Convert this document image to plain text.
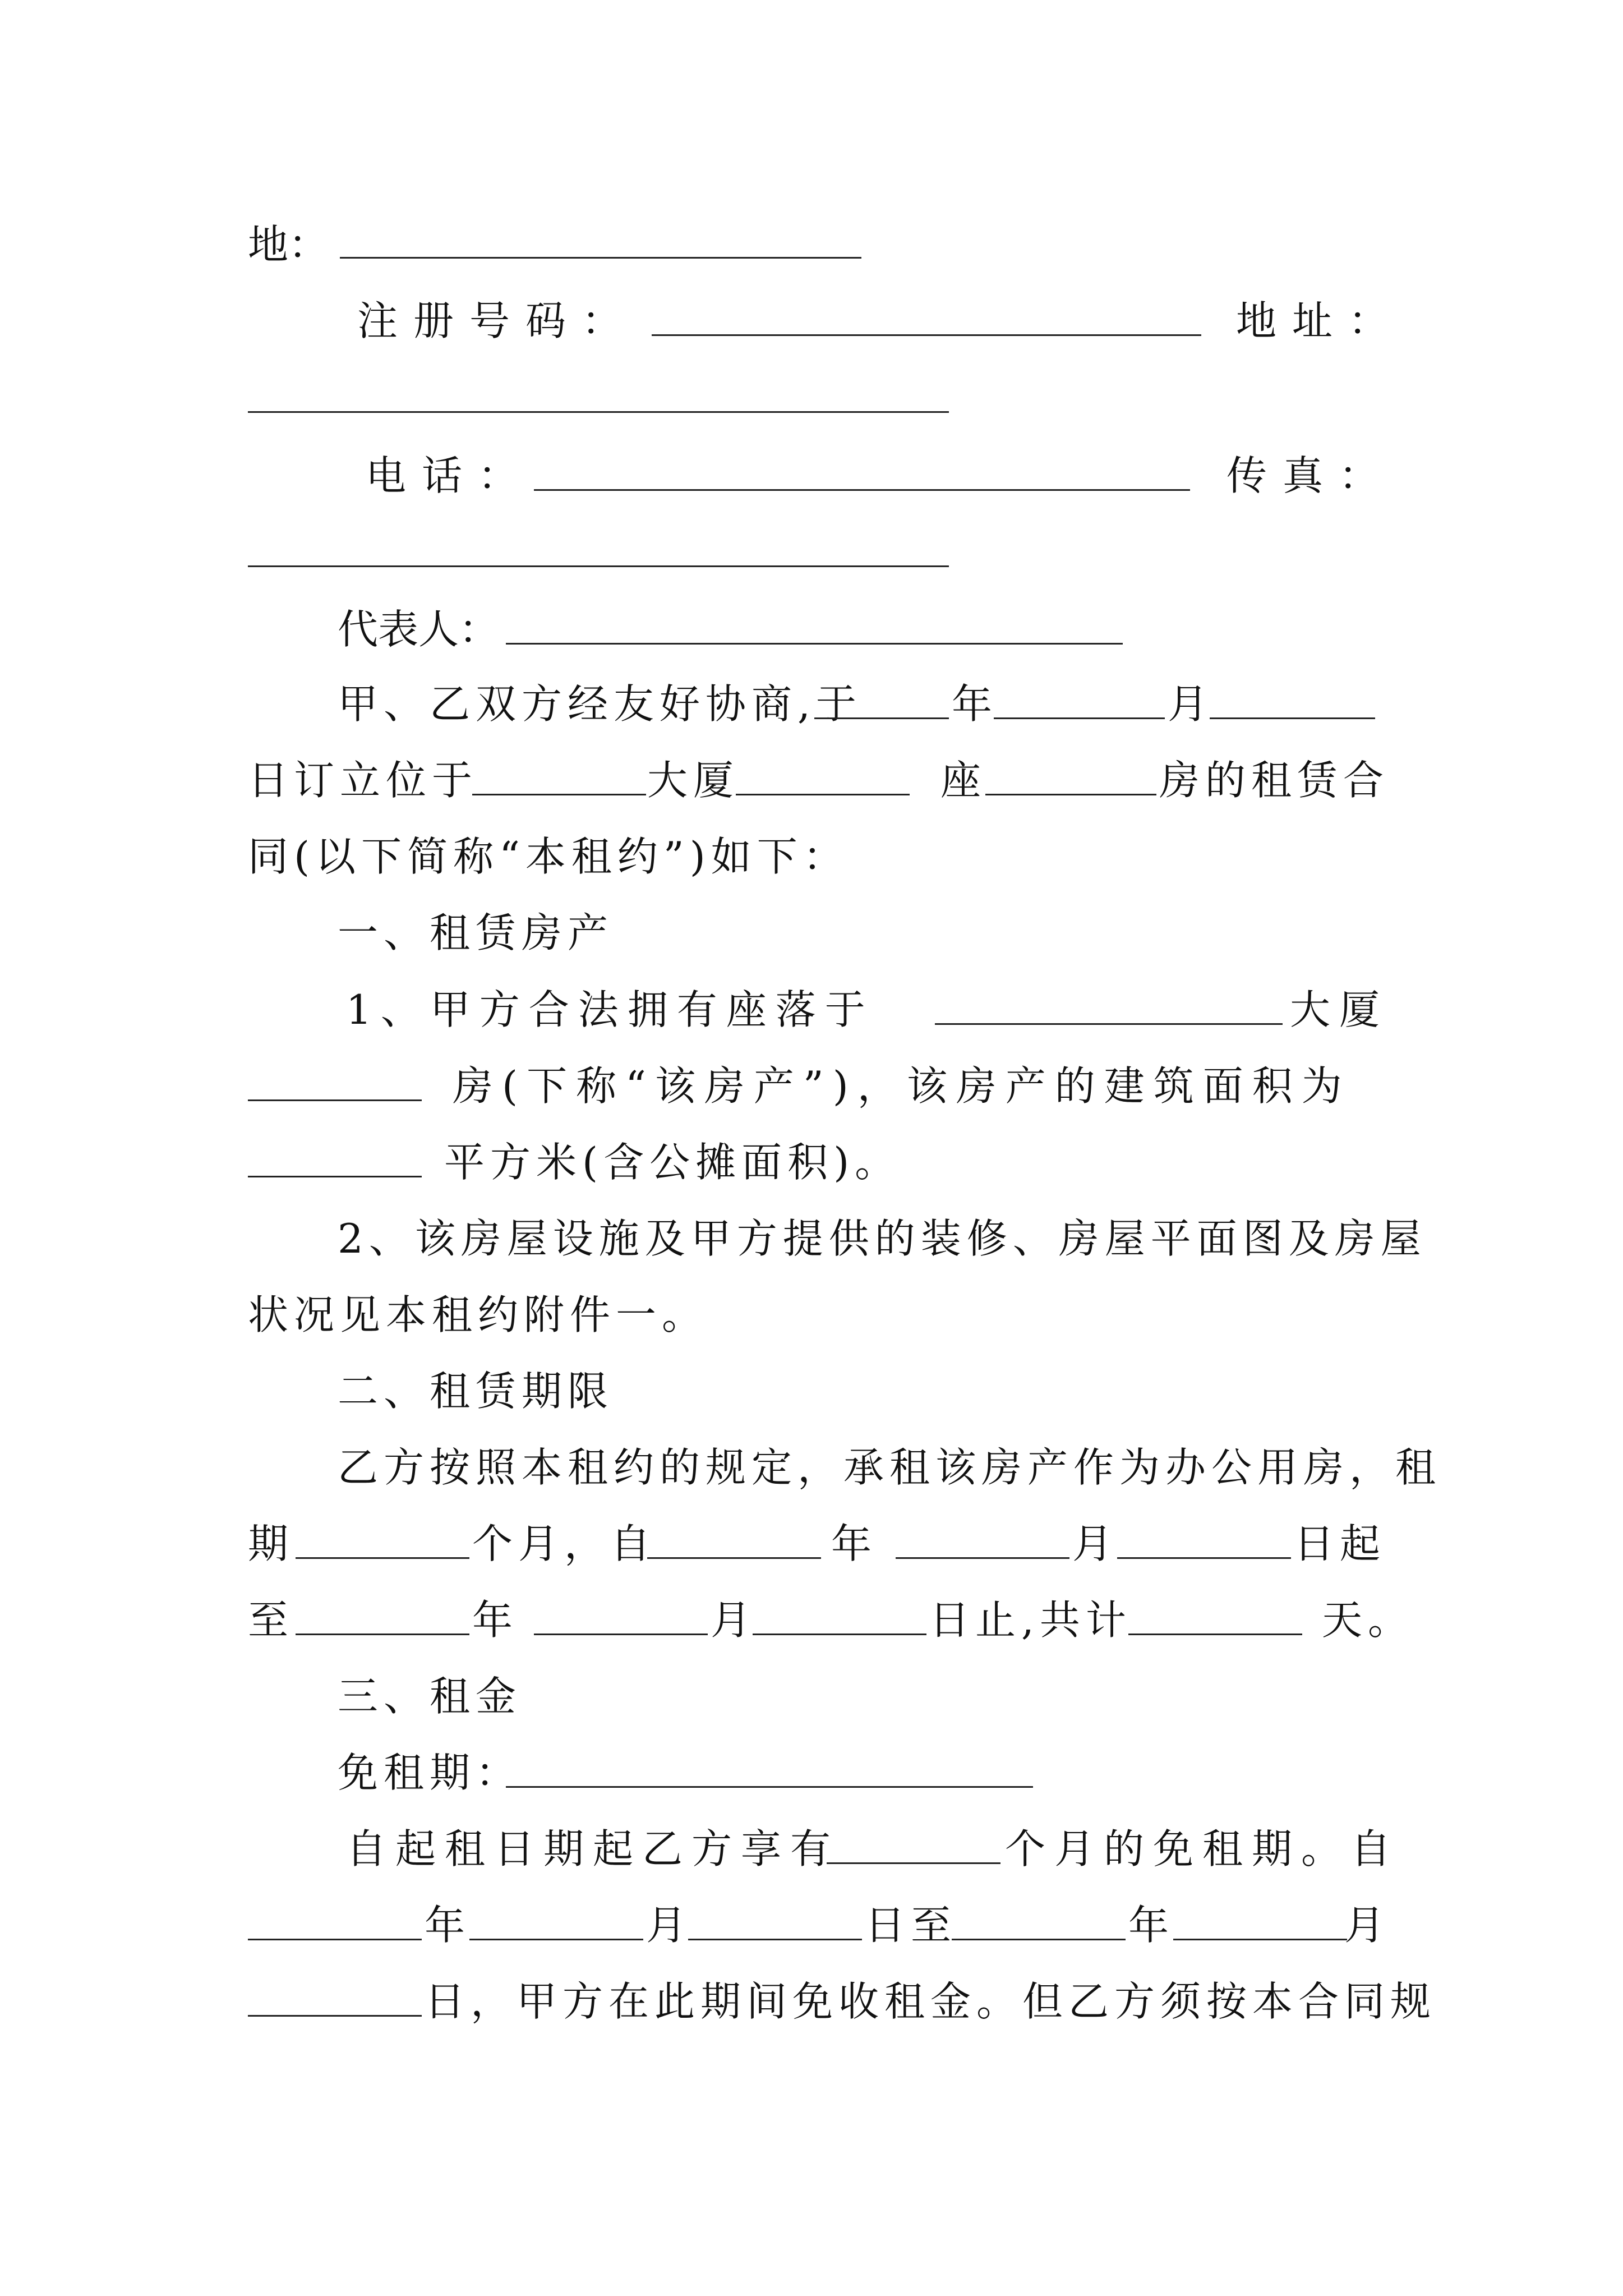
地：
注册号码：	地址：
电话：	传真：
代表人：
甲、乙双方经友好协商,于 年	月
日订立位于	大厦	座	房的租赁合
同(以下简称“本租约”)如下：
一、租赁房产
1、甲方合法拥有座落于	大厦
房(下称“该房产”)，该房产的建筑面积为
平方米(含公摊面积)。
2、该房屋设施及甲方提供的装修、房屋平面图及房屋
状况见本租约附件一。
二、租赁期限
乙方按照本租约的规定，承租该房产作为办公用房，租
期	个月，自	年	月	日起
至	年	月	日止,共计	天。
三、租金
免租期：
自起租日期起乙方享有	个月的免租期。自
年	月	日至	年	月
日，甲方在此期间免收租金。但乙方须按本合同规
